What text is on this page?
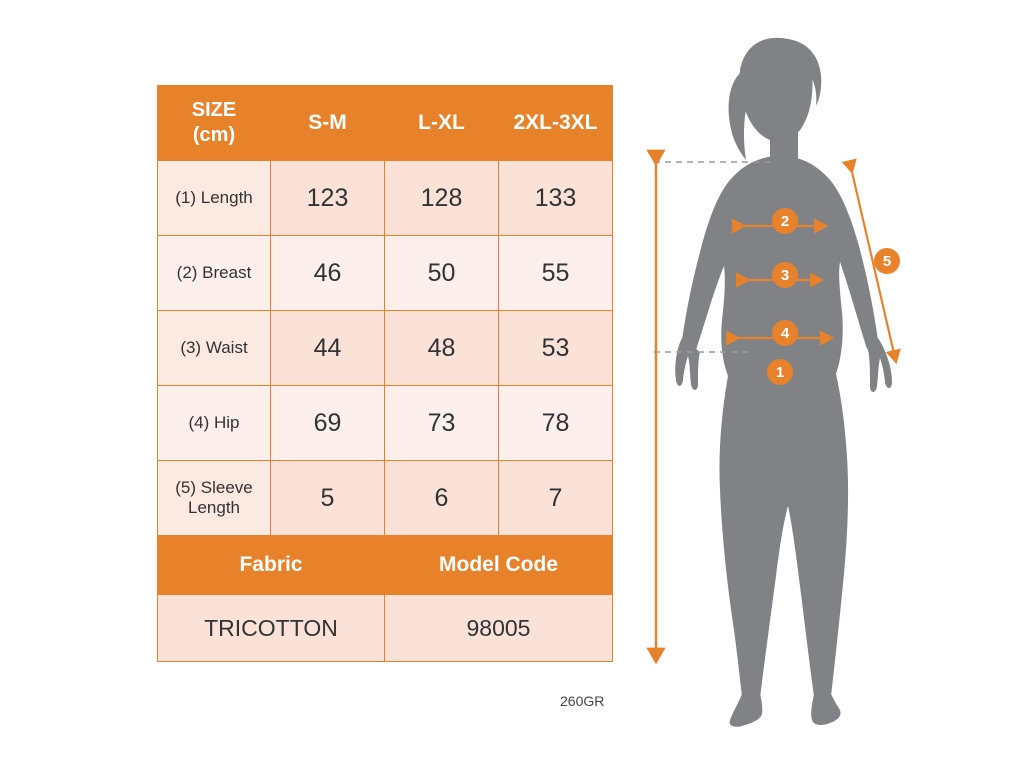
SIZE
(cm)	S-M	L-XL	2XL-3XL
(1) Length	123	128	133
(2) Breast	46	50	55
(3) Waist	44	48	53
(4) Hip	69	73	78
(5) Sleeve Length	5	6	7
Fabric		Model Code	
TRICOTTON		98005	
260GR
1
2
3
4
5
